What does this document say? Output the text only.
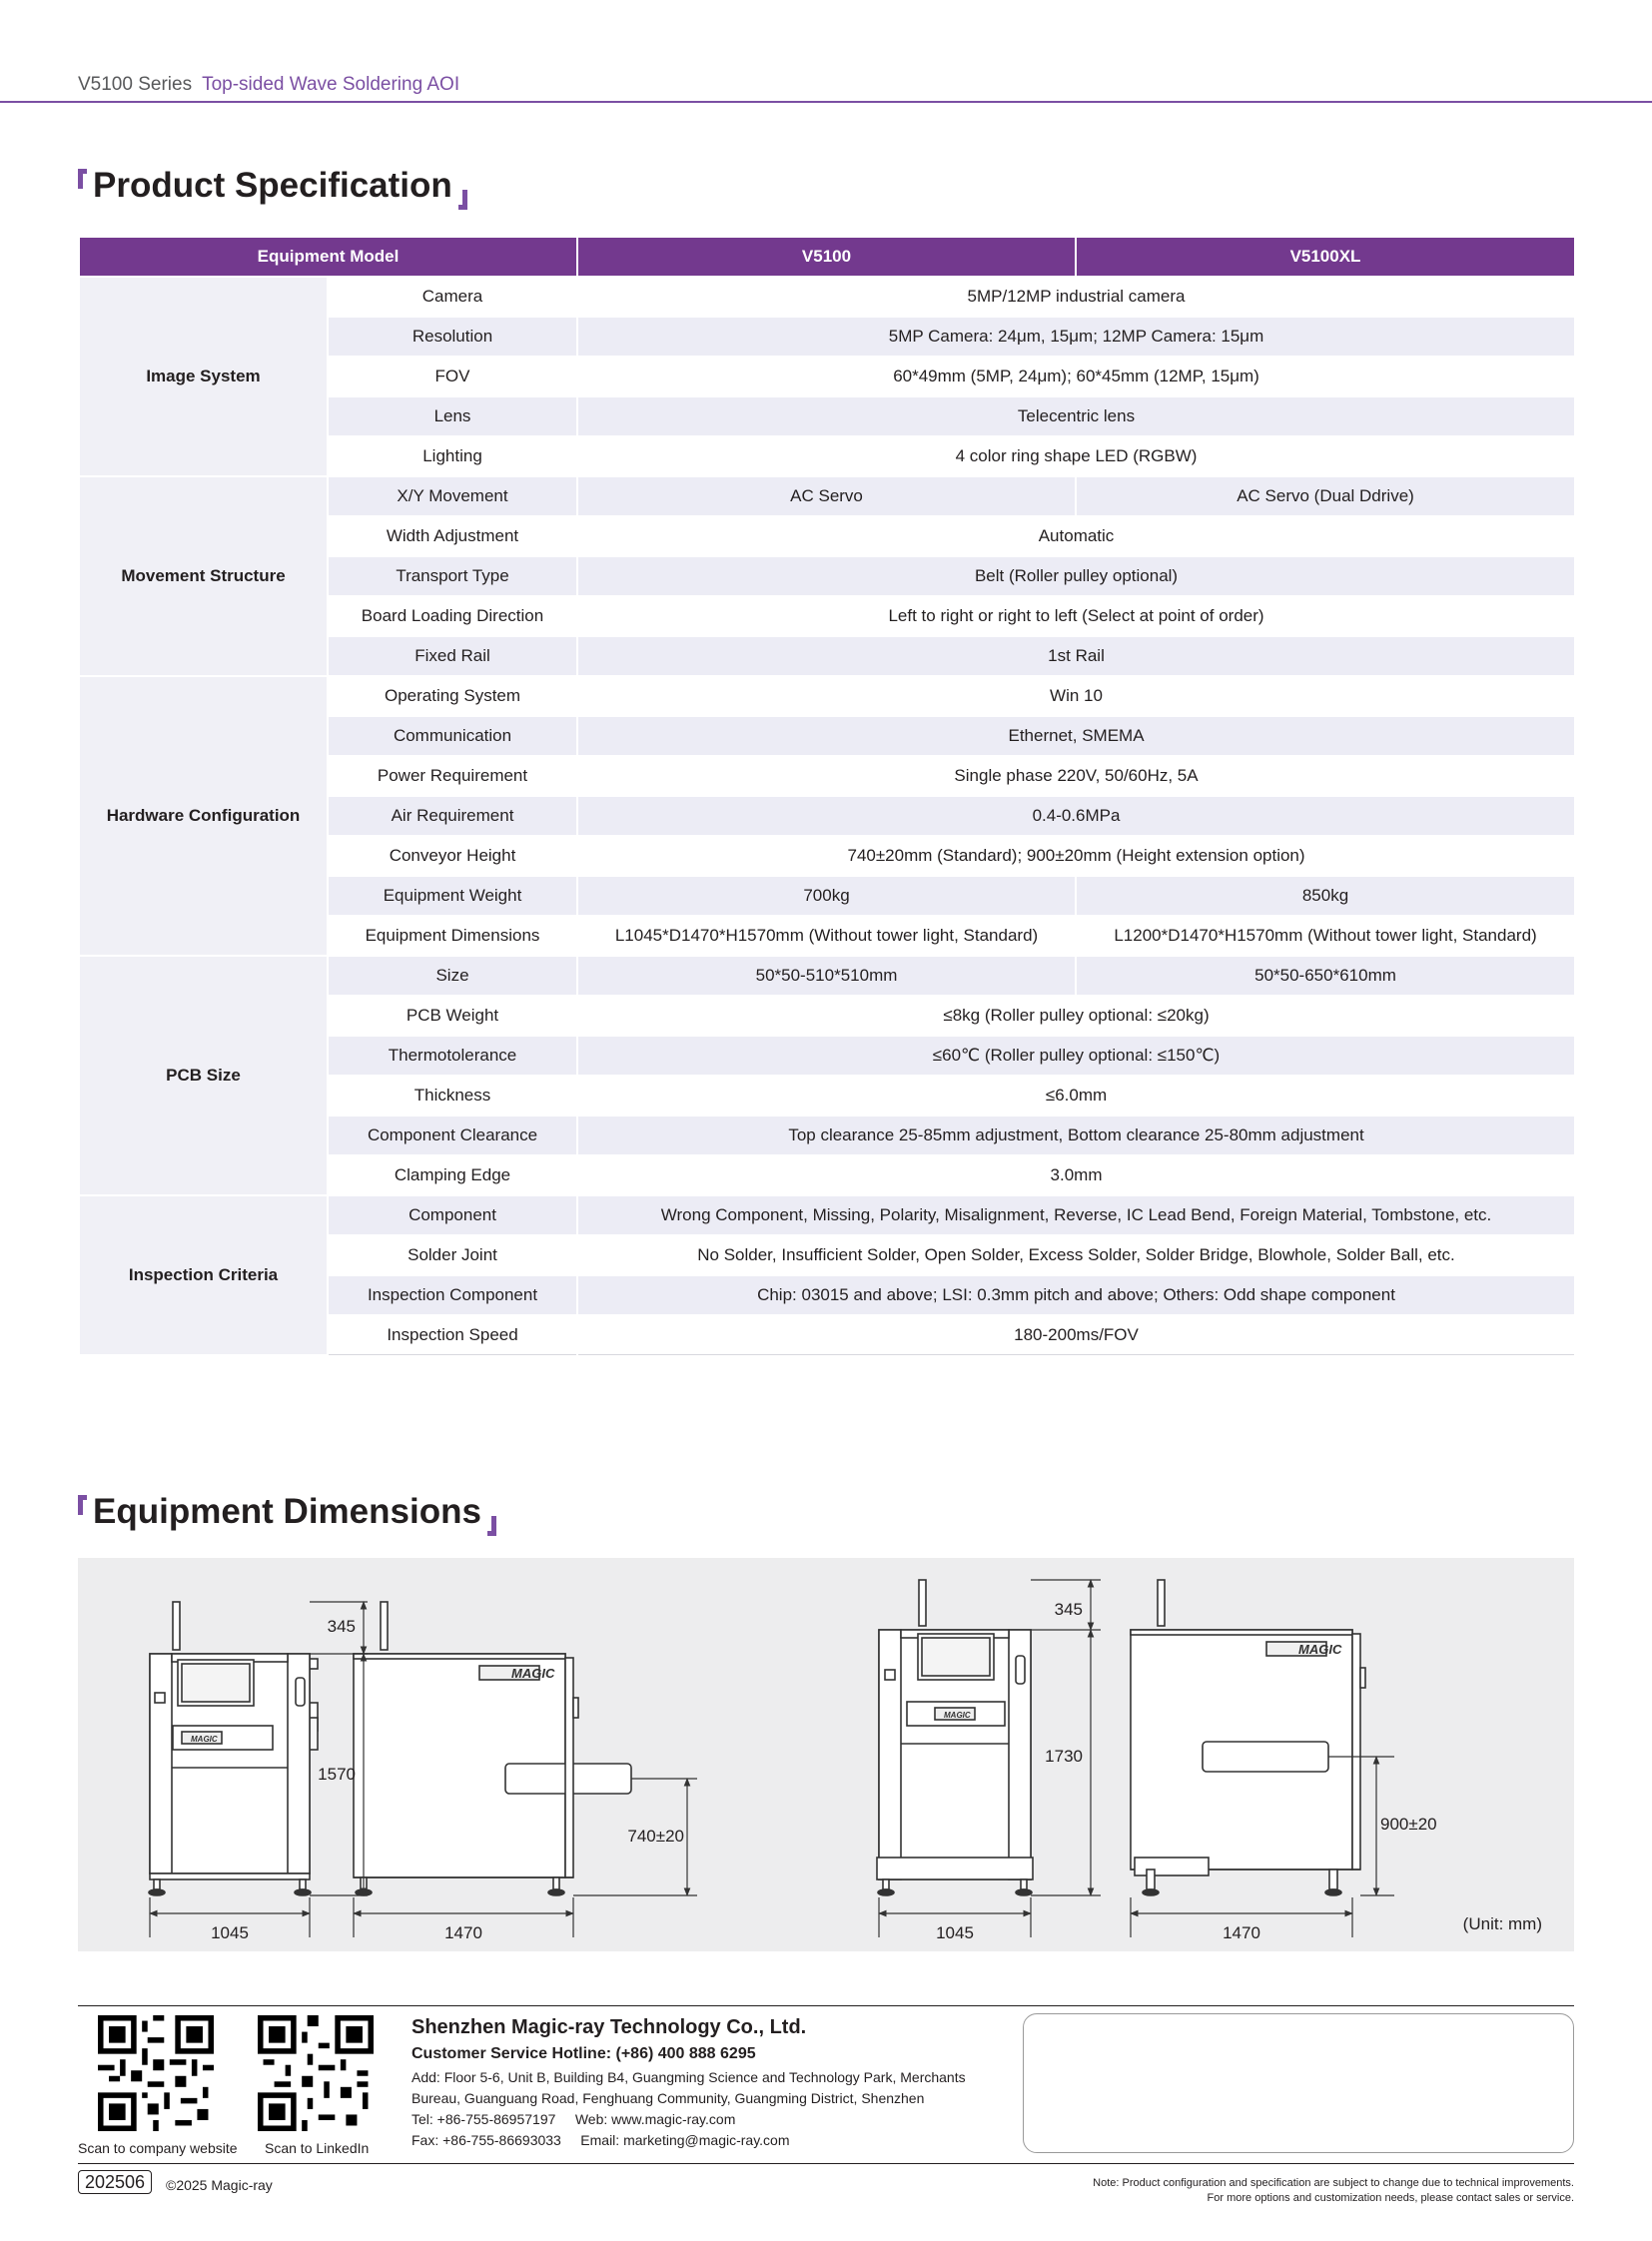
V5100 Series Top-sided Wave Soldering AOI
Product Specification
Equipment Model		V5100	V5100XL
Image System	Camera	5MP/12MP industrial camera	
	Resolution	5MP Camera: 24μm, 15μm; 12MP Camera: 15μm	
	FOV	60*49mm (5MP, 24μm); 60*45mm (12MP, 15μm)	
	Lens	Telecentric lens	
	Lighting	4 color ring shape LED (RGBW)	
Movement Structure	X/Y Movement	AC Servo	AC Servo (Dual Ddrive)
	Width Adjustment	Automatic	
	Transport Type	Belt (Roller pulley optional)	
	Board Loading Direction	Left to right or right to left (Select at point of order)	
	Fixed Rail	1st Rail	
Hardware Configuration	Operating System	Win 10	
	Communication	Ethernet, SMEMA	
	Power Requirement	Single phase 220V, 50/60Hz, 5A	
	Air Requirement	0.4-0.6MPa	
	Conveyor Height	740±20mm (Standard); 900±20mm (Height extension option)	
	Equipment Weight	700kg	850kg
	Equipment Dimensions	L1045*D1470*H1570mm (Without tower light, Standard)	L1200*D1470*H1570mm (Without tower light, Standard)
PCB Size	Size	50*50-510*510mm	50*50-650*610mm
	PCB Weight	≤8kg (Roller pulley optional: ≤20kg)	
	Thermotolerance	≤60℃ (Roller pulley optional: ≤150℃)	
	Thickness	≤6.0mm	
	Component Clearance	Top clearance 25-85mm adjustment, Bottom clearance 25-80mm adjustment	
	Clamping Edge	3.0mm	
Inspection Criteria	Component	Wrong Component, Missing, Polarity, Misalignment, Reverse, IC Lead Bend, Foreign Material, Tombstone, etc.	
	Solder Joint	No Solder, Insufficient Solder, Open Solder, Excess Solder, Solder Bridge, Blowhole, Solder Ball, etc.	
	Inspection Component	Chip: 03015 and above; LSI: 0.3mm pitch and above; Others: Odd shape component	
	Inspection Speed	180-200ms/FOV	
Equipment Dimensions
MAGIC
MAGIC
MAGIC
MAGIC
345
1570
740±20
1045	1470
345
1730
900±20
1045	1470	(Unit: mm)
Scan to company website Scan to LinkedIn
Shenzhen Magic-ray Technology Co., Ltd.
Customer Service Hotline: (+86) 400 888 6295
Add: Floor 5-6, Unit B, Building B4, Guangming Science and Technology Park, Merchants
Bureau, Guanguang Road, Fenghuang Community, Guangming District, Shenzhen
Tel: +86-755-86957197     Web: www.magic-ray.com
Fax: +86-755-86693033     Email: marketing@magic-ray.com
202506	©2025 Magic-ray	Note: Product configuration and specification are subject to change due to technical improvements.
For more options and customization needs, please contact sales or service.
